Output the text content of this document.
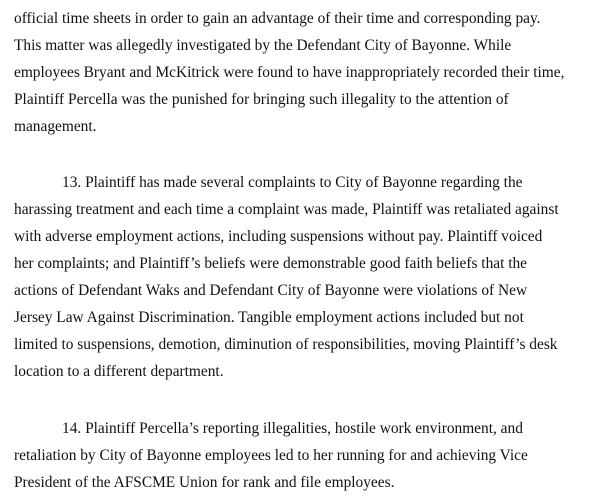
official time sheets in order to gain an advantage of their time and corresponding pay.
This matter was allegedly investigated by the Defendant City of Bayonne. While
employees Bryant and McKitrick were found to have inappropriately recorded their time,
Plaintiff Percella was the punished for bringing such illegality to the attention of
management.
13. Plaintiff has made several complaints to City of Bayonne regarding the
harassing treatment and each time a complaint was made, Plaintiff was retaliated against
with adverse employment actions, including suspensions without pay. Plaintiff voiced
her complaints; and Plaintiff’s beliefs were demonstrable good faith beliefs that the
actions of Defendant Waks and Defendant City of Bayonne were violations of New
Jersey Law Against Discrimination. Tangible employment actions included but not
limited to suspensions, demotion, diminution of responsibilities, moving Plaintiff’s desk
location to a different department.
14. Plaintiff Percella’s reporting illegalities, hostile work environment, and
retaliation by City of Bayonne employees led to her running for and achieving Vice
President of the AFSCME Union for rank and file employees.
